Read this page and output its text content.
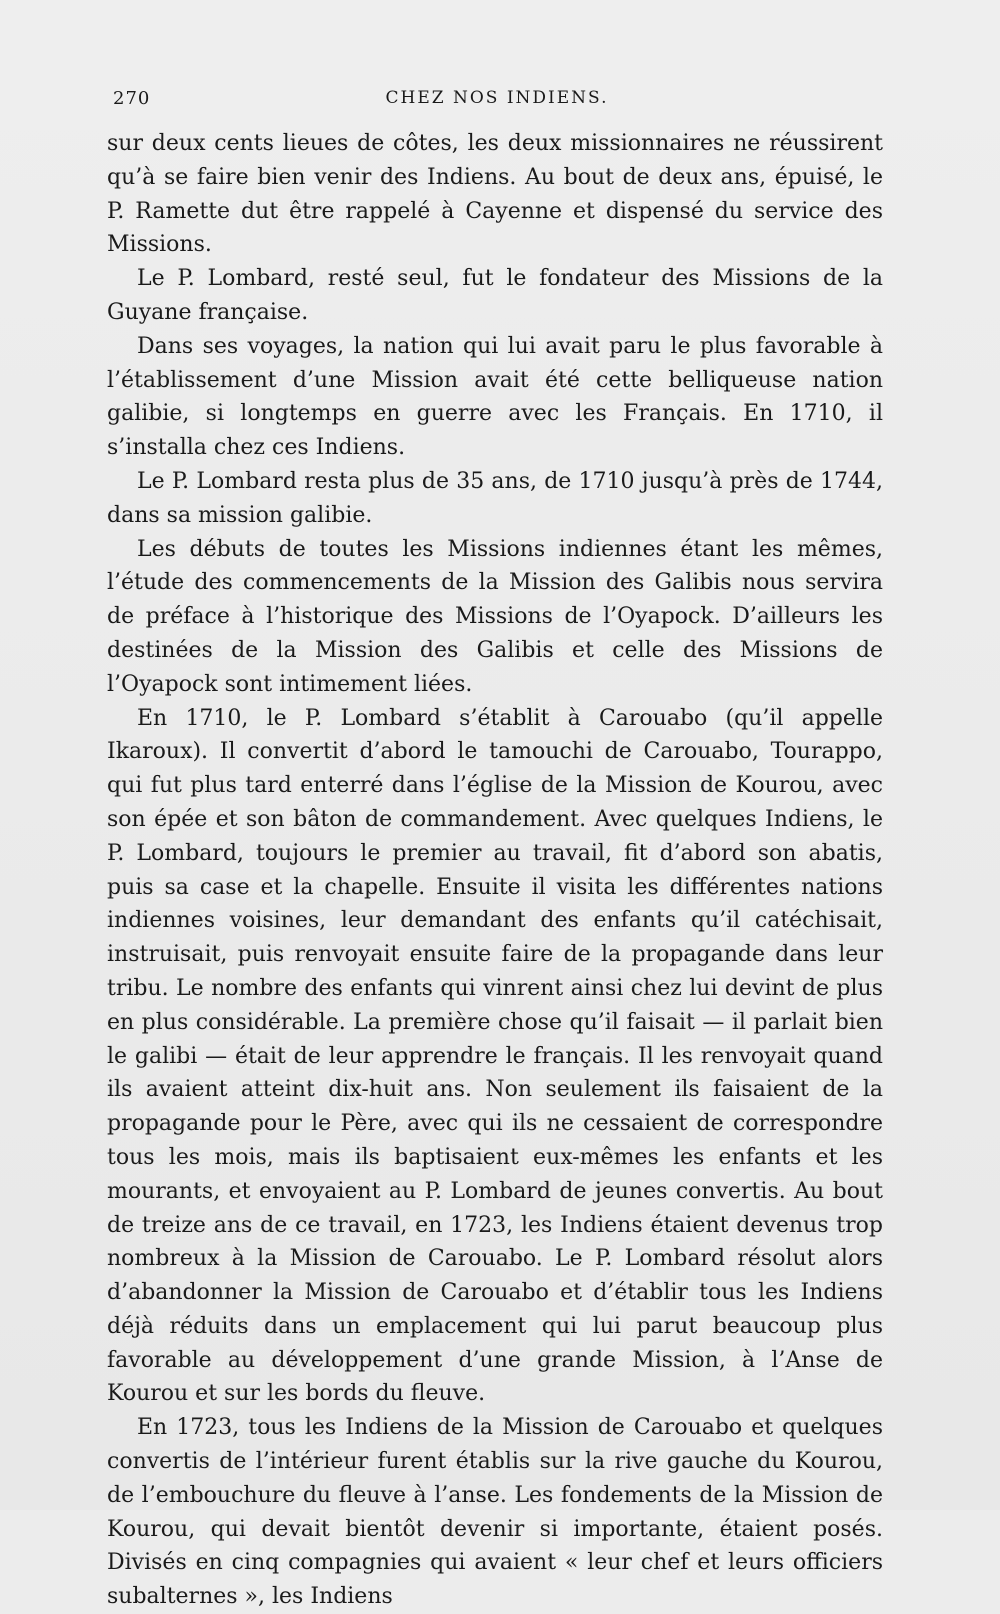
270	CHEZ NOS INDIENS.

sur deux cents lieues de côtes, les deux missionnaires ne réussirent qu’à se faire bien venir des Indiens. Au bout de deux ans, épuisé, le P. Ramette dut être rappelé à Cayenne et dispensé du service des Missions.

Le P. Lombard, resté seul, fut le fondateur des Missions de la Guyane française.

Dans ses voyages, la nation qui lui avait paru le plus favorable à l’établissement d’une Mission avait été cette belliqueuse nation galibie, si longtemps en guerre avec les Français. En 1710, il s’installa chez ces Indiens.

Le P. Lombard resta plus de 35 ans, de 1710 jusqu’à près de 1744, dans sa mission galibie.

Les débuts de toutes les Missions indiennes étant les mêmes, l’étude des commencements de la Mission des Galibis nous servira de préface à l’historique des Missions de l’Oyapock. D’ailleurs les destinées de la Mission des Galibis et celle des Missions de l’Oyapock sont intimement liées.

En 1710, le P. Lombard s’établit à Carouabo (qu’il appelle Ikaroux). Il convertit d’abord le tamouchi de Carouabo, Tourappo, qui fut plus tard enterré dans l’église de la Mission de Kourou, avec son épée et son bâton de commandement. Avec quelques Indiens, le P. Lombard, toujours le premier au travail, fit d’abord son abatis, puis sa case et la chapelle. Ensuite il visita les différentes nations indiennes voisines, leur demandant des enfants qu’il catéchisait, instruisait, puis renvoyait ensuite faire de la propagande dans leur tribu. Le nombre des enfants qui vinrent ainsi chez lui devint de plus en plus considérable. La première chose qu’il faisait — il parlait bien le galibi — était de leur apprendre le français. Il les renvoyait quand ils avaient atteint dix-huit ans. Non seulement ils faisaient de la propagande pour le Père, avec qui ils ne cessaient de correspondre tous les mois, mais ils baptisaient eux-mêmes les enfants et les mourants, et envoyaient au P. Lombard de jeunes convertis. Au bout de treize ans de ce travail, en 1723, les Indiens étaient devenus trop nombreux à la Mission de Carouabo. Le P. Lombard résolut alors d’abandonner la Mission de Carouabo et d’établir tous les Indiens déjà réduits dans un emplacement qui lui parut beaucoup plus favorable au développement d’une grande Mission, à l’Anse de Kourou et sur les bords du fleuve.

En 1723, tous les Indiens de la Mission de Carouabo et quelques convertis de l’intérieur furent établis sur la rive gauche du Kourou, de l’embouchure du fleuve à l’anse. Les fondements de la Mission de Kourou, qui devait bientôt devenir si importante, étaient posés. Divisés en cinq compagnies qui avaient « leur chef et leurs officiers subalternes », les Indiens
